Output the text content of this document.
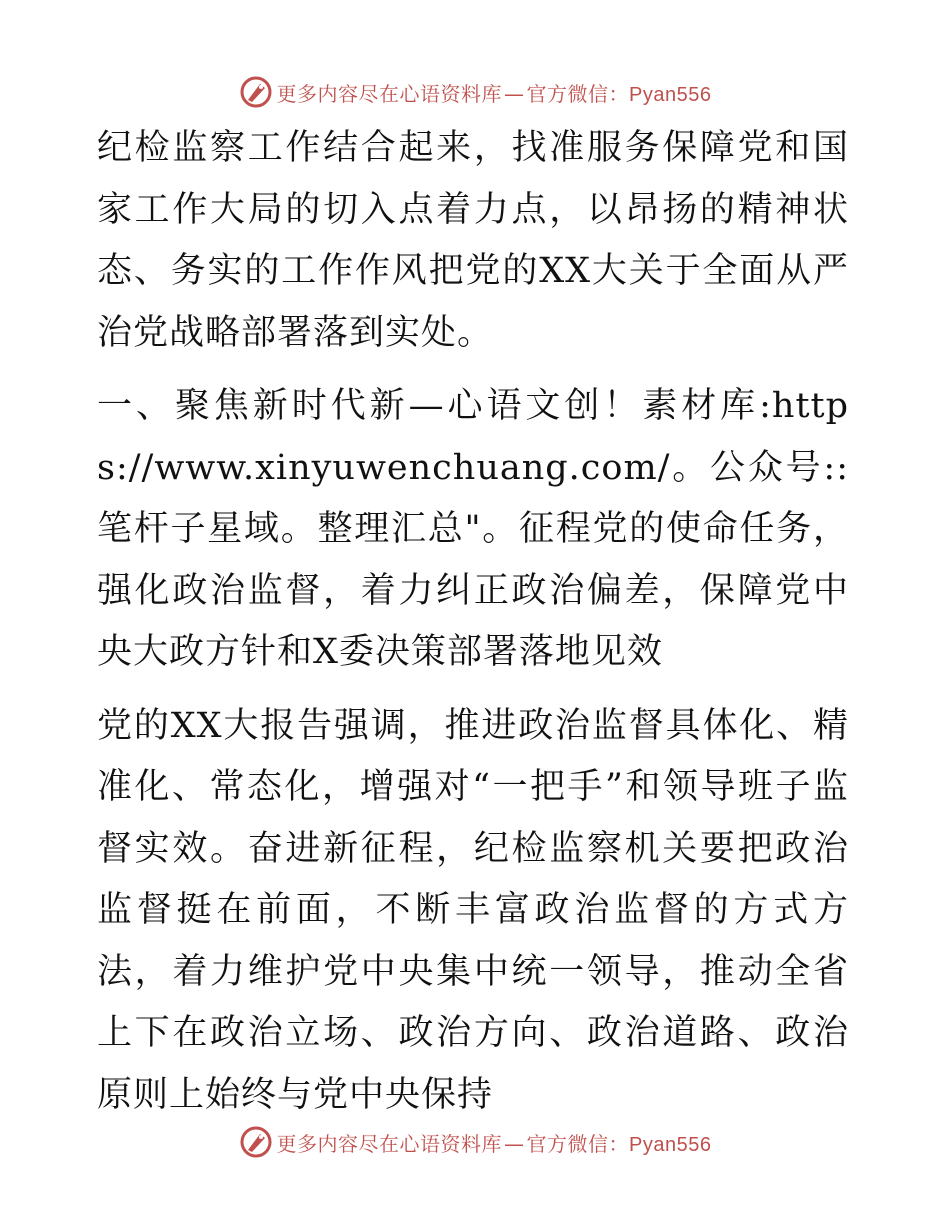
更多内容尽在心语资料库 — 官方微信：Pyan556

纪检监察工作结合起来，找准服务保障党和国家工作大局的切入点着力点，以昂扬的精神状态、务实的工作作风把党的XX大关于全面从严治党战略部署落到实处。

一、聚焦新时代新—心语文创！素材库:https://www.xinyuwenchuang.com/。公众号:: 笔杆子星域。整理汇总"。征程党的使命任务，强化政治监督，着力纠正政治偏差，保障党中央大政方针和X委决策部署落地见效

党的XX大报告强调，推进政治监督具体化、精准化、常态化，增强对“一把手”和领导班子监督实效。奋进新征程，纪检监察机关要把政治监督挺在前面，不断丰富政治监督的方式方法，着力维护党中央集中统一领导，推动全省上下在政治立场、政治方向、政治道路、政治原则上始终与党中央保持

更多内容尽在心语资料库 — 官方微信：Pyan556
